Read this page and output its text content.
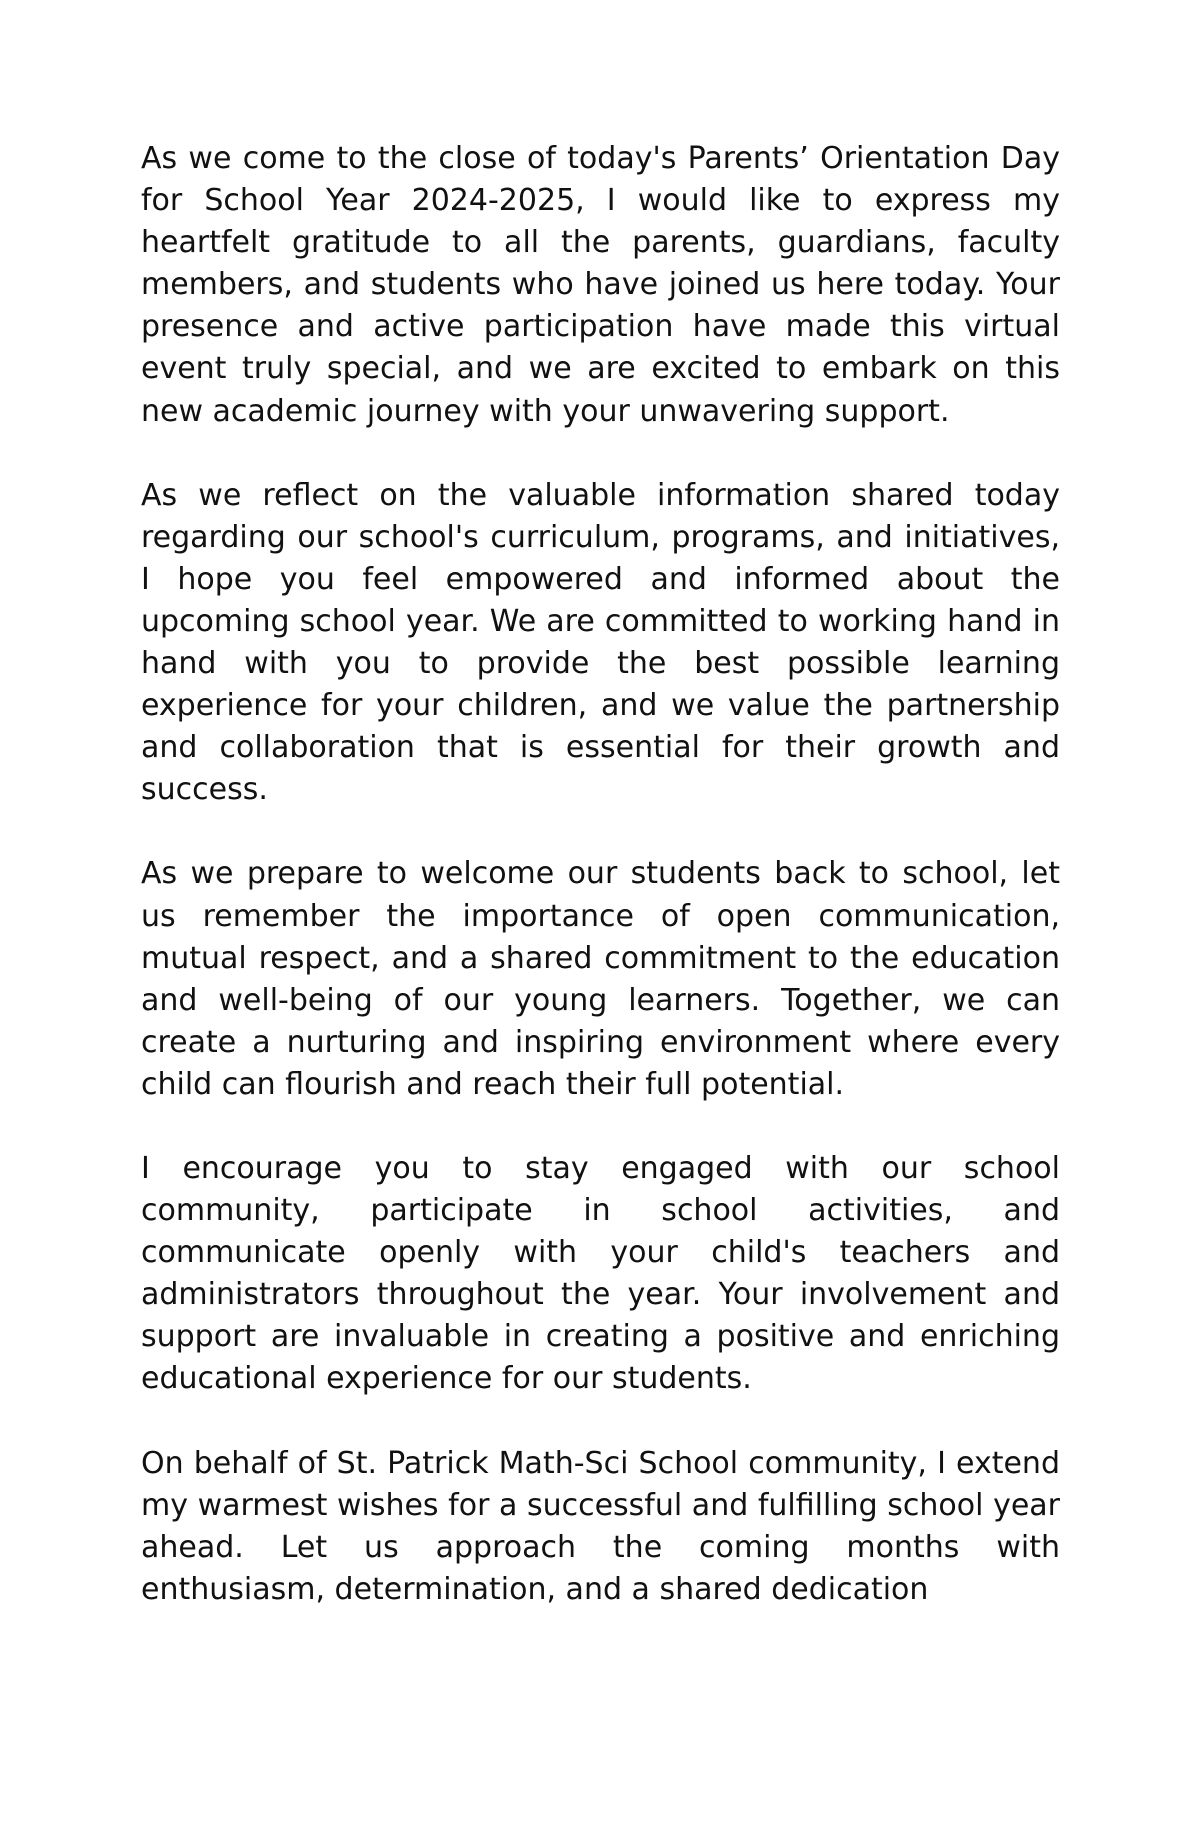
As we come to the close of today's Parents’ Orientation Day for School Year 2024-2025, I would like to express my heartfelt gratitude to all the parents, guardians, faculty members, and students who have joined us here today. Your presence and active participation have made this virtual event truly special, and we are excited to embark on this new academic journey with your unwavering support.

As we reflect on the valuable information shared today regarding our school's curriculum, programs, and initiatives, I hope you feel empowered and informed about the upcoming school year. We are committed to working hand in hand with you to provide the best possible learning experience for your children, and we value the partnership and collaboration that is essential for their growth and success.

As we prepare to welcome our students back to school, let us remember the importance of open communication, mutual respect, and a shared commitment to the education and well-being of our young learners. Together, we can create a nurturing and inspiring environment where every child can flourish and reach their full potential.

I encourage you to stay engaged with our school community, participate in school activities, and communicate openly with your child's teachers and administrators throughout the year. Your involvement and support are invaluable in creating a positive and enriching educational experience for our students.

On behalf of St. Patrick Math-Sci School community, I extend my warmest wishes for a successful and fulfilling school year ahead. Let us approach the coming months with enthusiasm, determination, and a shared dedication
